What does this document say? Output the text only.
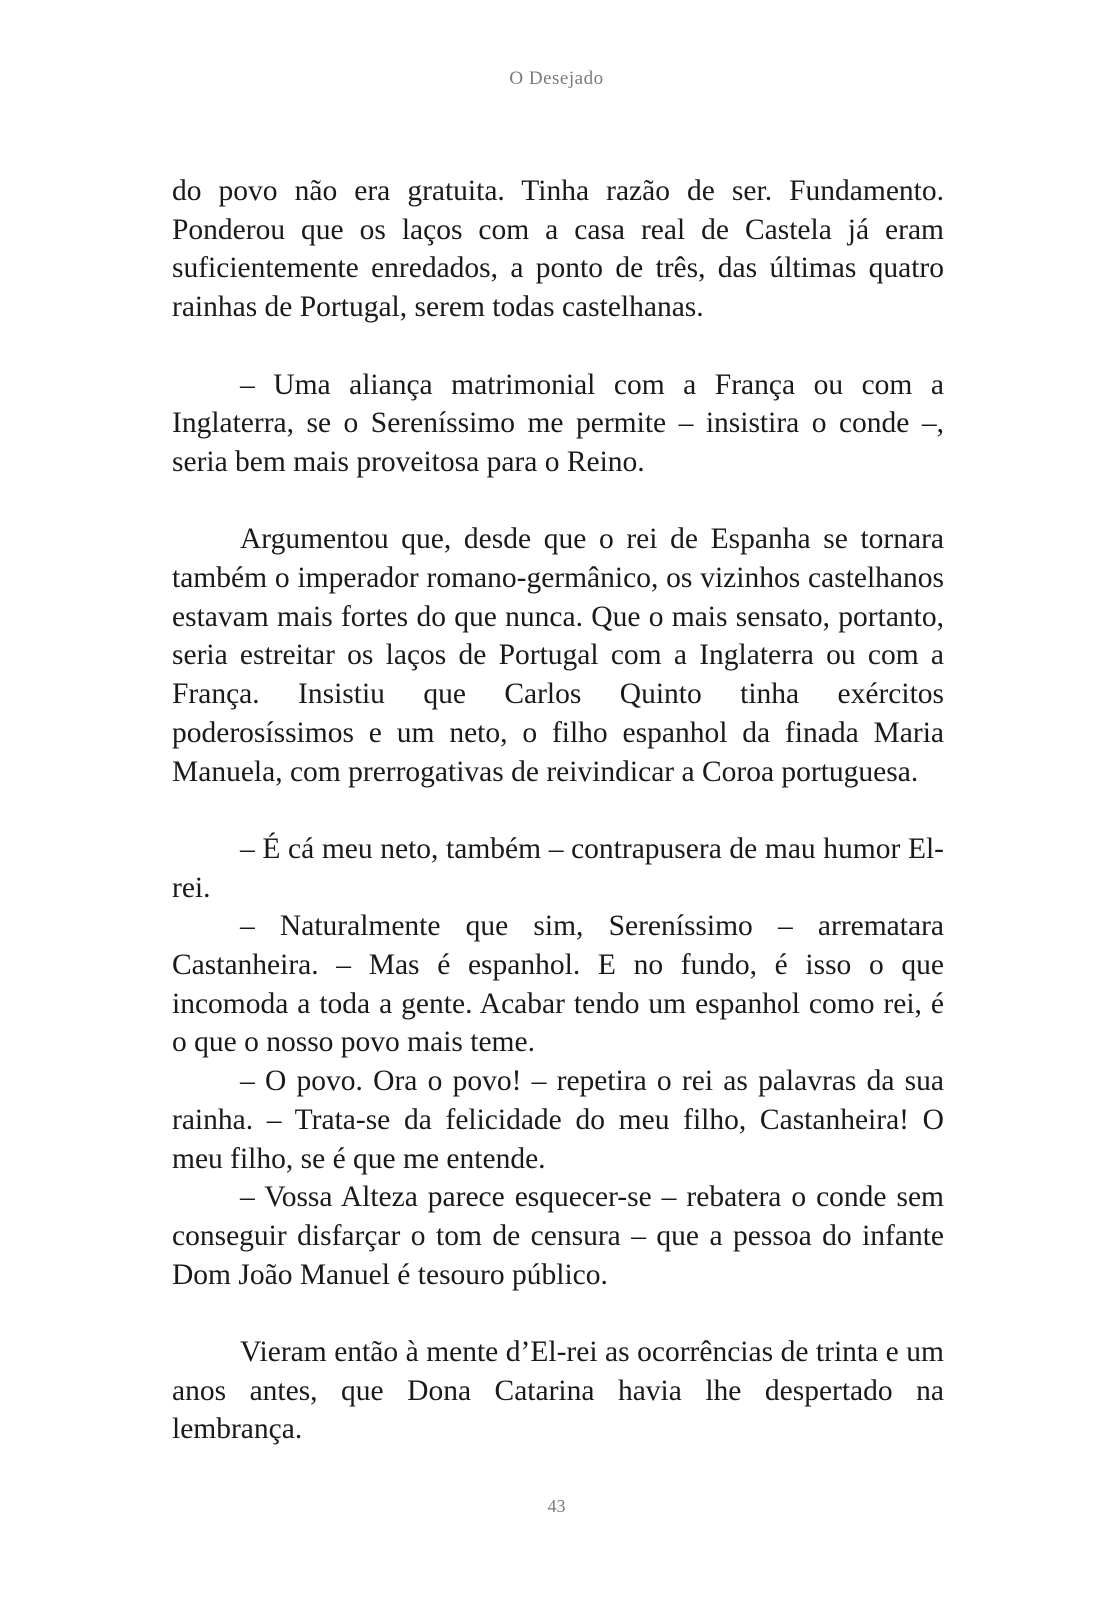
O Desejado

do povo não era gratuita. Tinha razão de ser. Fundamento. Ponderou que os laços com a casa real de Castela já eram suficientemente enredados, a ponto de três, das últimas quatro rainhas de Portugal, serem todas castelhanas.

– Uma aliança matrimonial com a França ou com a Inglaterra, se o Sereníssimo me permite – insistira o conde –, seria bem mais proveitosa para o Reino.

Argumentou que, desde que o rei de Espanha se tornara também o imperador romano-germânico, os vizinhos castelhanos estavam mais fortes do que nunca. Que o mais sensato, portanto, seria estreitar os laços de Portugal com a Inglaterra ou com a França. Insistiu que Carlos Quinto tinha exércitos poderosíssimos e um neto, o filho espanhol da finada Maria Manuela, com prerrogativas de reivindicar a Coroa portuguesa.

– É cá meu neto, também – contrapusera de mau humor El-rei.

– Naturalmente que sim, Sereníssimo – arrematara Castanheira. – Mas é espanhol. E no fundo, é isso o que incomoda a toda a gente. Acabar tendo um espanhol como rei, é o que o nosso povo mais teme.

– O povo. Ora o povo! – repetira o rei as palavras da sua rainha. – Trata-se da felicidade do meu filho, Castanheira! O meu filho, se é que me entende.

– Vossa Alteza parece esquecer-se – rebatera o conde sem conseguir disfarçar o tom de censura – que a pessoa do infante Dom João Manuel é tesouro público.

Vieram então à mente d’El-rei as ocorrências de trinta e um anos antes, que Dona Catarina havia lhe despertado na lembrança.

43
